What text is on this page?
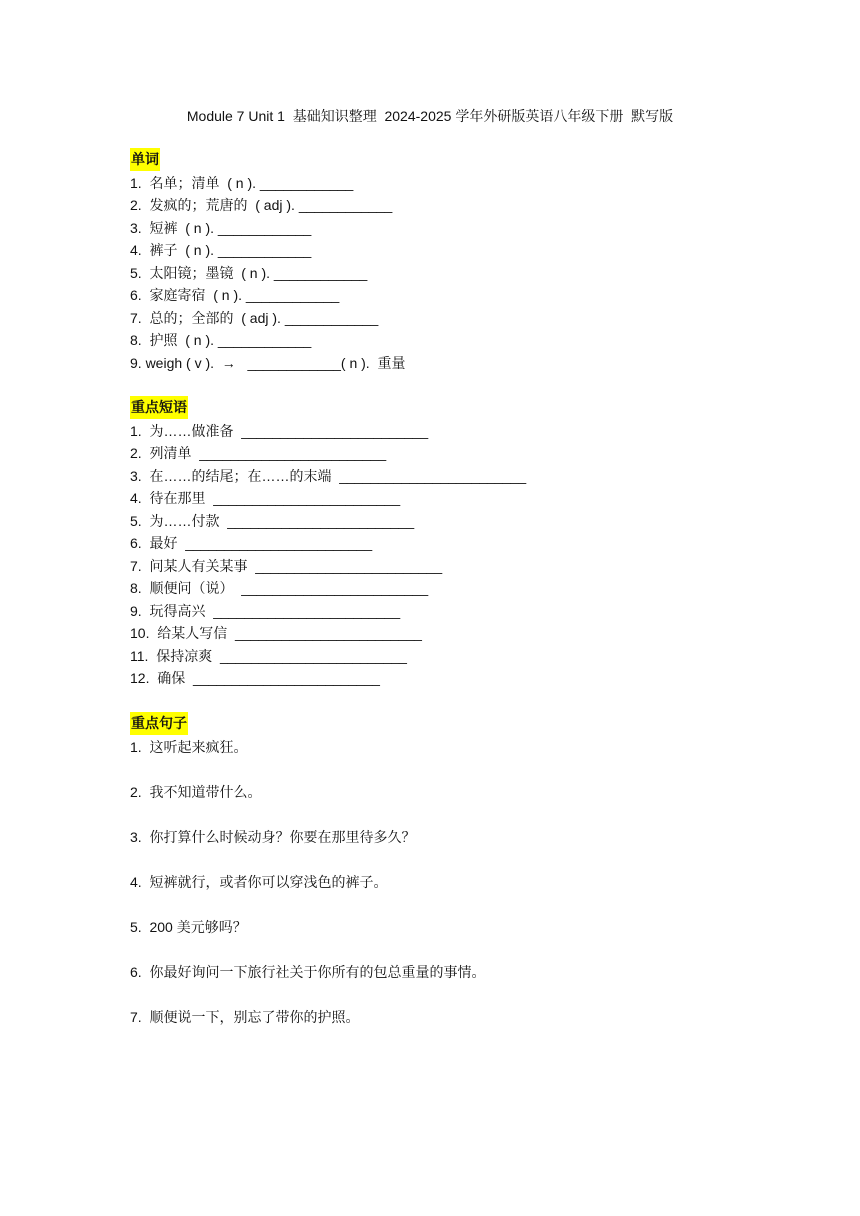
Module 7 Unit 1  基础知识整理  2024-2025 学年外研版英语八年级下册  默写版
单词
1.  名单；清单  ( n ). ____________
2.  发疯的；荒唐的  ( adj ). ____________
3.  短裤  ( n ). ____________
4.  裤子  ( n ). ____________
5.  太阳镜；墨镜  ( n ). ____________
6.  家庭寄宿  ( n ). ____________
7.  总的；全部的  ( adj ). ____________
8.  护照  ( n ). ____________
9. weigh ( v ).  →   ____________( n ).  重量
重点短语
1.  为……做准备  ________________________
2.  列清单  ________________________
3.  在……的结尾；在……的末端  ________________________
4.  待在那里  ________________________
5.  为……付款  ________________________
6.  最好  ________________________
7.  问某人有关某事  ________________________
8.  顺便问（说）  ________________________
9.  玩得高兴  ________________________
10.  给某人写信  ________________________
11.  保持凉爽  ________________________
12.  确保  ________________________
重点句子
1.  这听起来疯狂。
2.  我不知道带什么。
3.  你打算什么时候动身？你要在那里待多久？
4.  短裤就行，或者你可以穿浅色的裤子。
5.  200 美元够吗？
6.  你最好询问一下旅行社关于你所有的包总重量的事情。
7.  顺便说一下，别忘了带你的护照。
